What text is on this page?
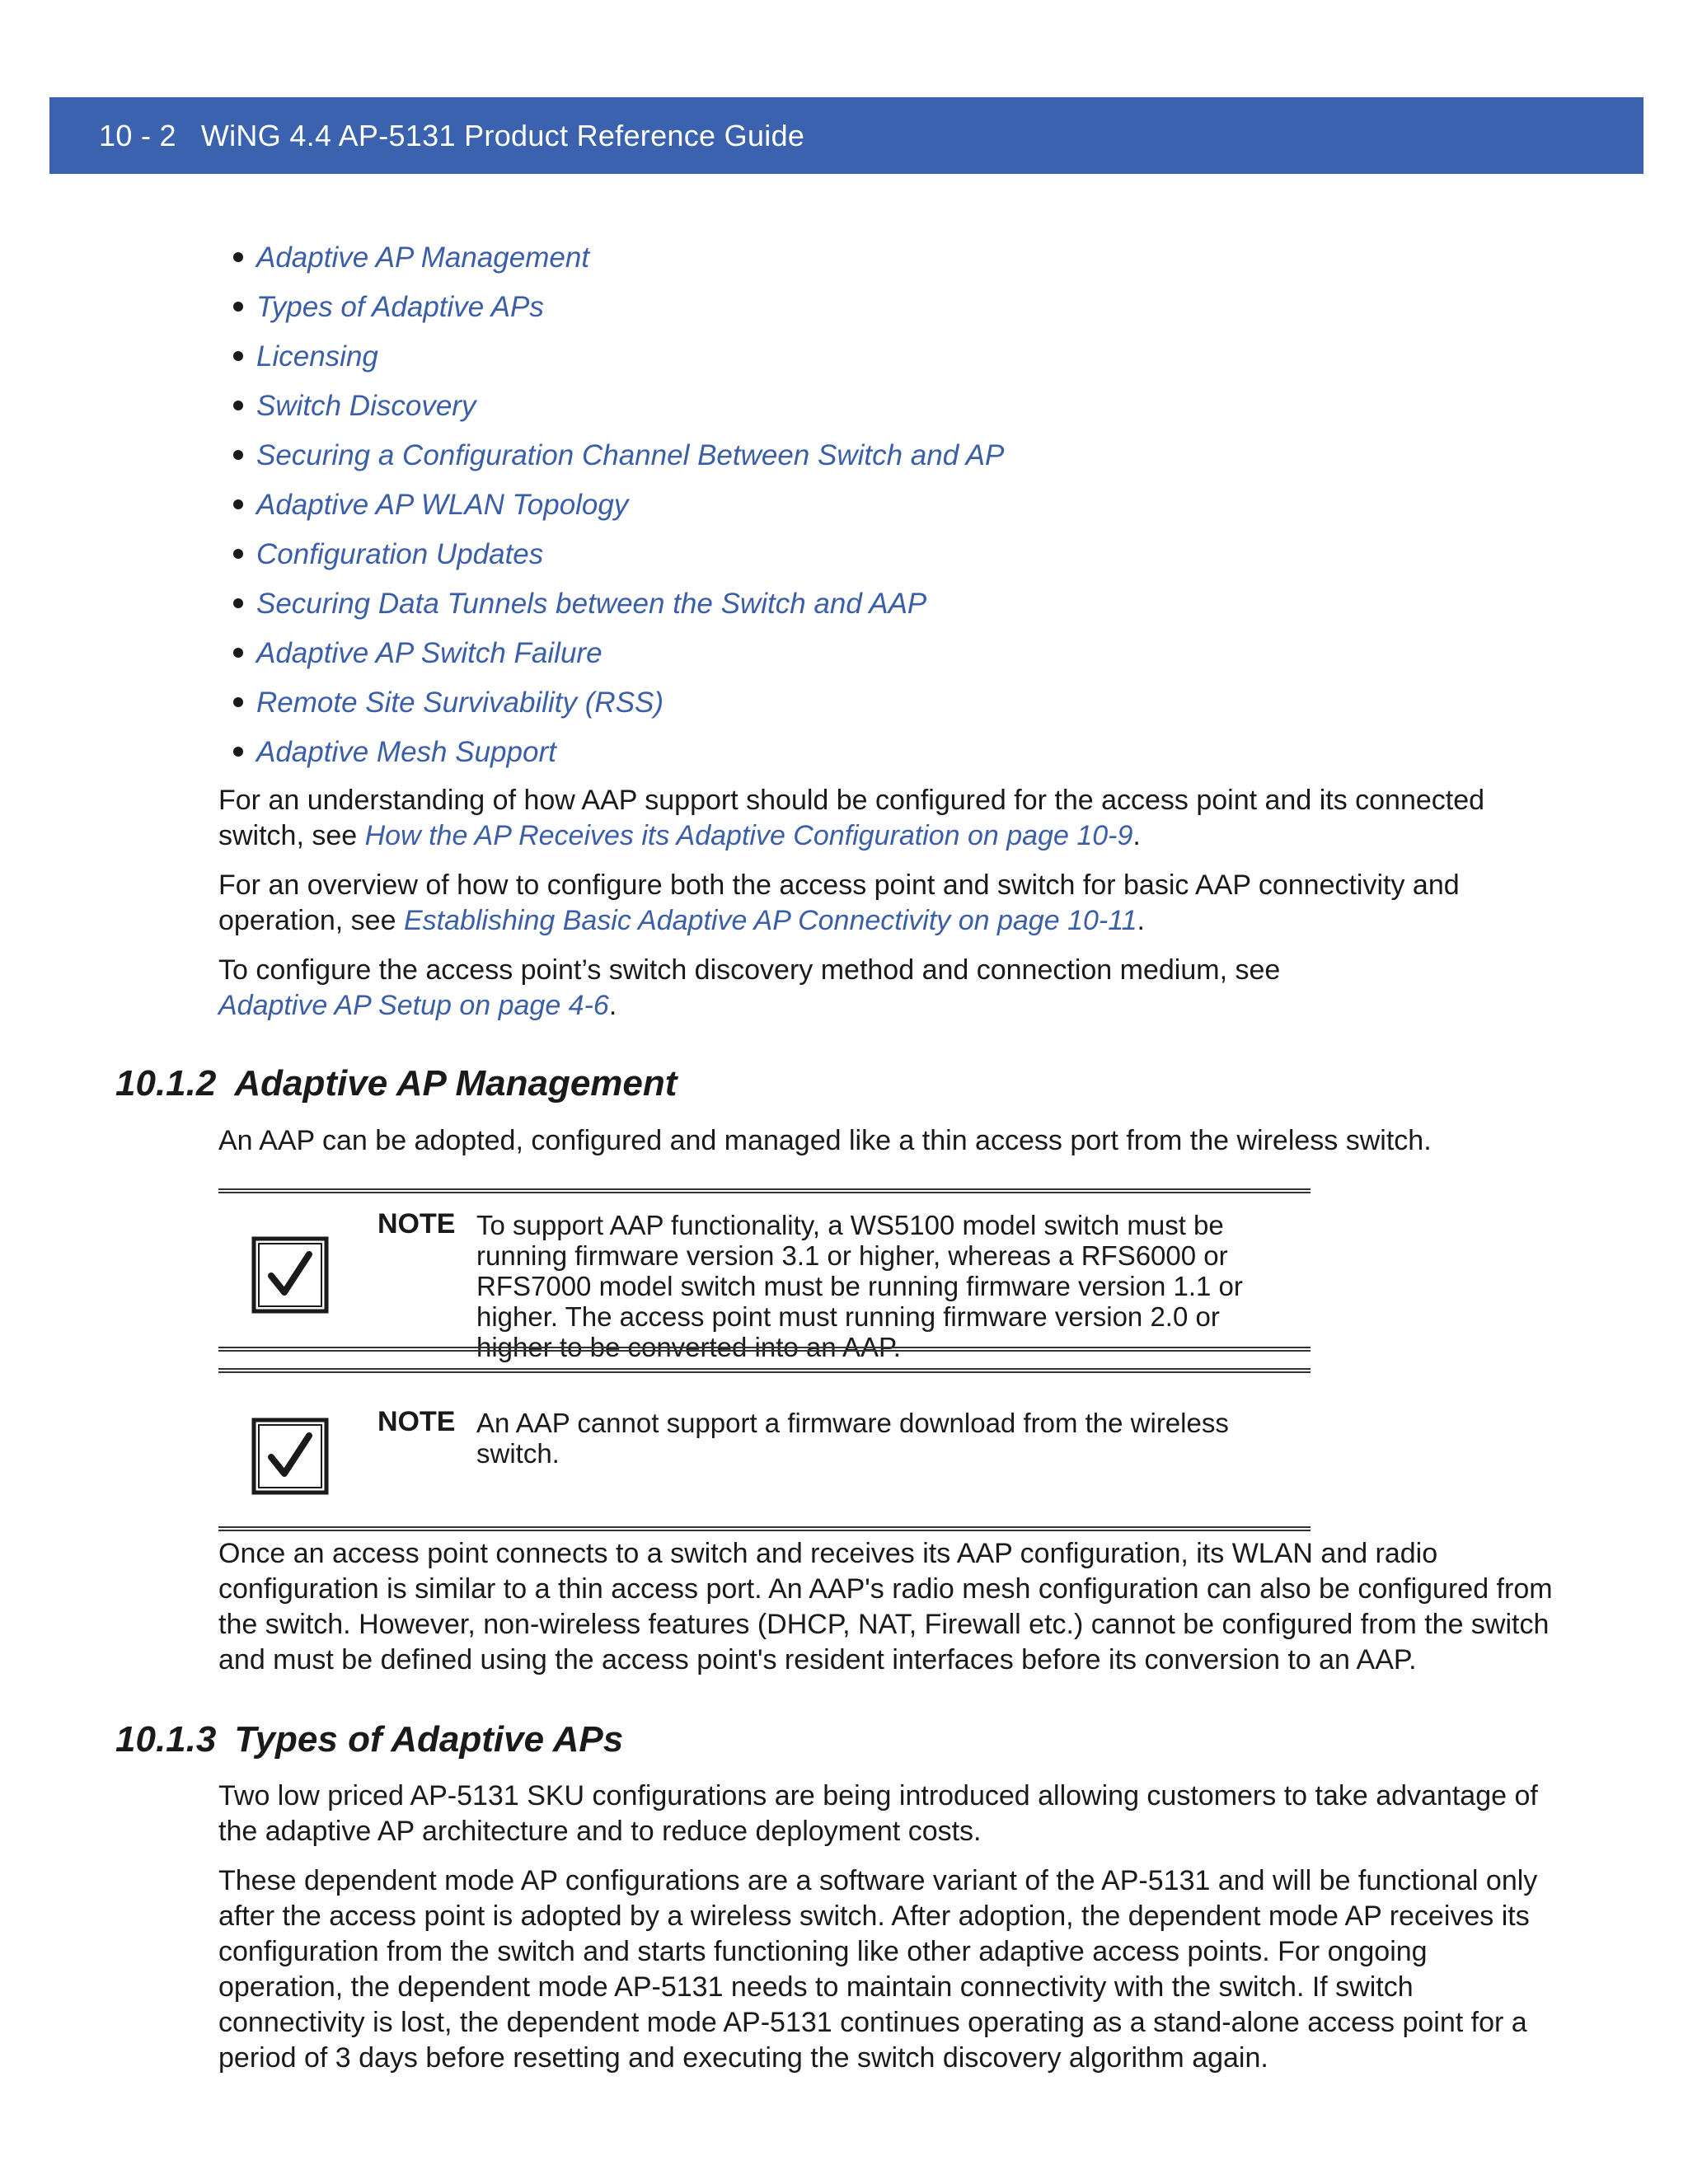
10 - 2 WiNG 4.4 AP-5131 Product Reference Guide
Adaptive AP Management
Types of Adaptive APs
Licensing
Switch Discovery
Securing a Configuration Channel Between Switch and AP
Adaptive AP WLAN Topology
Configuration Updates
Securing Data Tunnels between the Switch and AAP
Adaptive AP Switch Failure
Remote Site Survivability (RSS)
Adaptive Mesh Support

For an understanding of how AAP support should be configured for the access point and its connected switch, see How the AP Receives its Adaptive Configuration on page 10-9.

For an overview of how to configure both the access point and switch for basic AAP connectivity and operation, see Establishing Basic Adaptive AP Connectivity on page 10-11.

To configure the access point’s switch discovery method and connection medium, see
Adaptive AP Setup on page 4-6.

An AAP can be adopted, configured and managed like a thin access port from the wireless switch.

Once an access point connects to a switch and receives its AAP configuration, its WLAN and radio configuration is similar to a thin access port. An AAP's radio mesh configuration can also be configured from the switch. However, non-wireless features (DHCP, NAT, Firewall etc.) cannot be configured from the switch and must be defined using the access point's resident interfaces before its conversion to an AAP.

Two low priced AP-5131 SKU configurations are being introduced allowing customers to take advantage of the adaptive AP architecture and to reduce deployment costs.

These dependent mode AP configurations are a software variant of the AP-5131 and will be functional only after the access point is adopted by a wireless switch. After adoption, the dependent mode AP receives its configuration from the switch and starts functioning like other adaptive access points. For ongoing operation, the dependent mode AP-5131 needs to maintain connectivity with the switch. If switch connectivity is lost, the dependent mode AP-5131 continues operating as a stand-alone access point for a period of 3 days before resetting and executing the switch discovery algorithm again.

10.1.2 Adaptive AP Management
NOTE To support AAP functionality, a WS5100 model switch must be running firmware version 3.1 or higher, whereas a RFS6000 or RFS7000 model switch must be running firmware version 1.1 or higher. The access point must running firmware version 2.0 or higher to be converted into an AAP.
NOTE An AAP cannot support a firmware download from the wireless switch.
10.1.3 Types of Adaptive APs
